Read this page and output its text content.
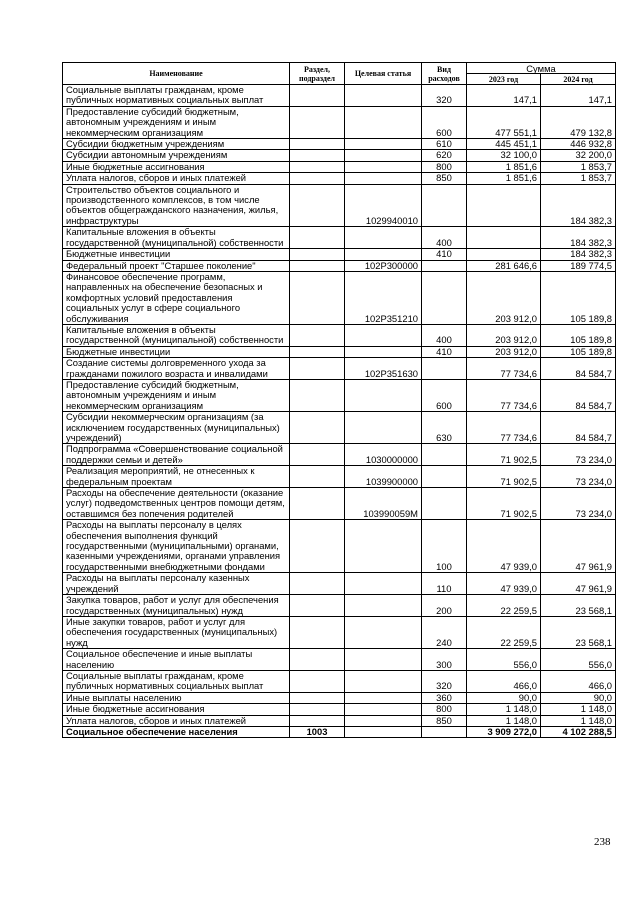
Наименование	Раздел, подраздел	Целевая статья	Вид расходов	Сумма	
				2023 год	2024 год
Социальные выплаты гражданам, кроме публичных нормативных социальных выплат			320	147,1	147,1
Предоставление субсидий бюджетным, автономным учреждениям и иным некоммерческим организациям			600	477 551,1	479 132,8
Субсидии бюджетным учреждениям			610	445 451,1	446 932,8
Субсидии автономным учреждениям			620	32 100,0	32 200,0
Иные бюджетные ассигнования			800	1 851,6	1 853,7
Уплата налогов, сборов и иных платежей			850	1 851,6	1 853,7
Строительство объектов социального и производственного комплексов, в том числе объектов общегражданского назначения, жилья, инфраструктуры		1029940010			184 382,3
Капитальные вложения в объекты государственной (муниципальной) собственности			400		184 382,3
Бюджетные инвестиции			410		184 382,3
Федеральный проект "Старшее поколение"		102P300000		281 646,6	189 774,5
Финансовое обеспечение программ, направленных на обеспечение безопасных и комфортных условий предоставления социальных услуг в сфере социального обслуживания		102P351210		203 912,0	105 189,8
Капитальные вложения в объекты государственной (муниципальной) собственности			400	203 912,0	105 189,8
Бюджетные инвестиции			410	203 912,0	105 189,8
Создание системы долговременного ухода за гражданами пожилого возраста и инвалидами		102P351630		77 734,6	84 584,7
Предоставление субсидий бюджетным, автономным учреждениям и иным некоммерческим организациям			600	77 734,6	84 584,7
Субсидии некоммерческим организациям (за исключением государственных (муниципальных) учреждений)			630	77 734,6	84 584,7
Подпрограмма «Совершенствование социальной поддержки семьи и детей»		1030000000		71 902,5	73 234,0
Реализация мероприятий, не отнесенных к федеральным проектам		1039900000		71 902,5	73 234,0
Расходы на обеспечение деятельности (оказание услуг) подведомственных центров помощи детям, оставшимся без попечения родителей		103990059М		71 902,5	73 234,0
Расходы на выплаты персоналу в целях обеспечения выполнения функций государственными (муниципальными) органами, казенными учреждениями, органами управления государственными внебюджетными фондами			100	47 939,0	47 961,9
Расходы на выплаты персоналу казенных учреждений			110	47 939,0	47 961,9
Закупка товаров, работ и услуг для обеспечения государственных (муниципальных) нужд			200	22 259,5	23 568,1
Иные закупки товаров, работ и услуг для обеспечения государственных (муниципальных) нужд			240	22 259,5	23 568,1
Социальное обеспечение и иные выплаты населению			300	556,0	556,0
Социальные выплаты гражданам, кроме публичных нормативных социальных выплат			320	466,0	466,0
Иные выплаты населению			360	90,0	90,0
Иные бюджетные ассигнования			800	1 148,0	1 148,0
Уплата налогов, сборов и иных платежей			850	1 148,0	1 148,0
Социальное обеспечение населения	1003			3 909 272,0	4 102 288,5
238
